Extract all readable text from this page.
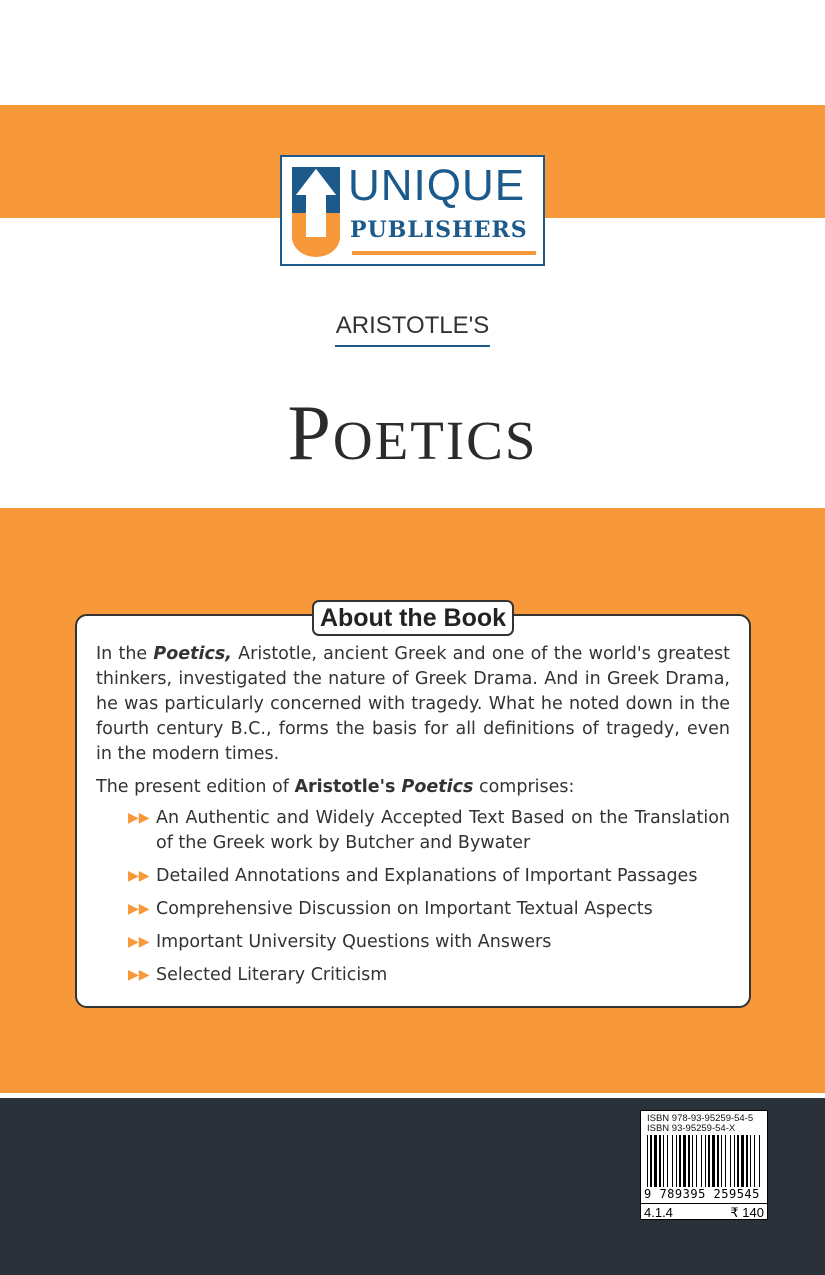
UNIQUE
PUBLISHERS
ARISTOTLE'S
Poetics

In the Poetics, Aristotle, ancient Greek and one of the world's greatest thinkers, investigated the nature of Greek Drama. And in Greek Drama, he was particularly concerned with tragedy. What he noted down in the fourth century B.C., forms the basis for all definitions of tragedy, even in the modern times.

The present edition of Aristotle's Poetics comprises:

▶▶ An Authentic and Widely Accepted Text Based on the Translation of the Greek work by Butcher and Bywater
▶▶ Detailed Annotations and Explanations of Important Passages
▶▶ Comprehensive Discussion on Important Textual Aspects
▶▶ Important University Questions with Answers
▶▶ Selected Literary Criticism
About the Book
ISBN 978-93-95259-54-5
ISBN 93-95259-54-X
9 789395 259545
4.1.4	₹ 140
